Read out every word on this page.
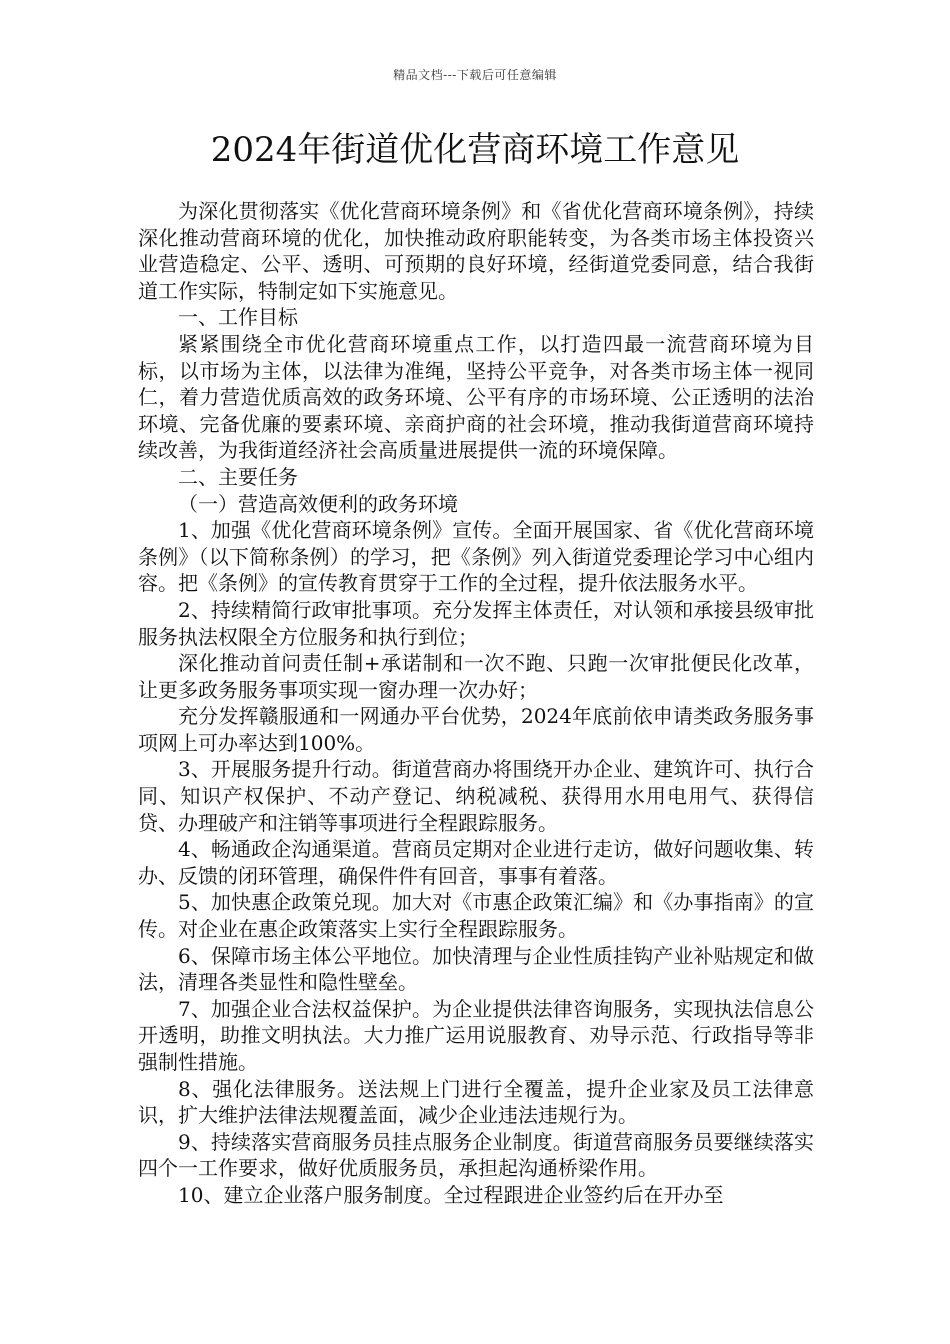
精品文档---下载后可任意编辑
2024年街道优化营商环境工作意见

为深化贯彻落实《优化营商环境条例》和《省优化营商环境条例》，持续深化推动营商环境的优化，加快推动政府职能转变，为各类市场主体投资兴业营造稳定、公平、透明、可预期的良好环境，经街道党委同意，结合我街道工作实际，特制定如下实施意见。

一、工作目标

紧紧围绕全市优化营商环境重点工作，以打造四最一流营商环境为目标，以市场为主体，以法律为准绳，坚持公平竞争，对各类市场主体一视同仁，着力营造优质高效的政务环境、公平有序的市场环境、公正透明的法治环境、完备优廉的要素环境、亲商护商的社会环境，推动我街道营商环境持续改善，为我街道经济社会高质量进展提供一流的环境保障。

二、主要任务

（一）营造高效便利的政务环境

1、加强《优化营商环境条例》宣传。全面开展国家、省《优化营商环境条例》（以下简称条例）的学习，把《条例》列入街道党委理论学习中心组内容。把《条例》的宣传教育贯穿于工作的全过程，提升依法服务水平。

2、持续精简行政审批事项。充分发挥主体责任，对认领和承接县级审批服务执法权限全方位服务和执行到位；

深化推动首问责任制+承诺制和一次不跑、只跑一次审批便民化改革，让更多政务服务事项实现一窗办理一次办好；

充分发挥赣服通和一网通办平台优势，2024年底前依申请类政务服务事项网上可办率达到100%。

3、开展服务提升行动。街道营商办将围绕开办企业、建筑许可、执行合同、知识产权保护、不动产登记、纳税减税、获得用水用电用气、获得信贷、办理破产和注销等事项进行全程跟踪服务。

4、畅通政企沟通渠道。营商员定期对企业进行走访，做好问题收集、转办、反馈的闭环管理，确保件件有回音，事事有着落。

5、加快惠企政策兑现。加大对《市惠企政策汇编》和《办事指南》的宣传。对企业在惠企政策落实上实行全程跟踪服务。

6、保障市场主体公平地位。加快清理与企业性质挂钩产业补贴规定和做法，清理各类显性和隐性壁垒。

7、加强企业合法权益保护。为企业提供法律咨询服务，实现执法信息公开透明，助推文明执法。大力推广运用说服教育、劝导示范、行政指导等非强制性措施。

8、强化法律服务。送法规上门进行全覆盖，提升企业家及员工法律意识，扩大维护法律法规覆盖面，减少企业违法违规行为。

9、持续落实营商服务员挂点服务企业制度。街道营商服务员要继续落实四个一工作要求，做好优质服务员，承担起沟通桥梁作用。

10、建立企业落户服务制度。全过程跟进企业签约后在开办至
